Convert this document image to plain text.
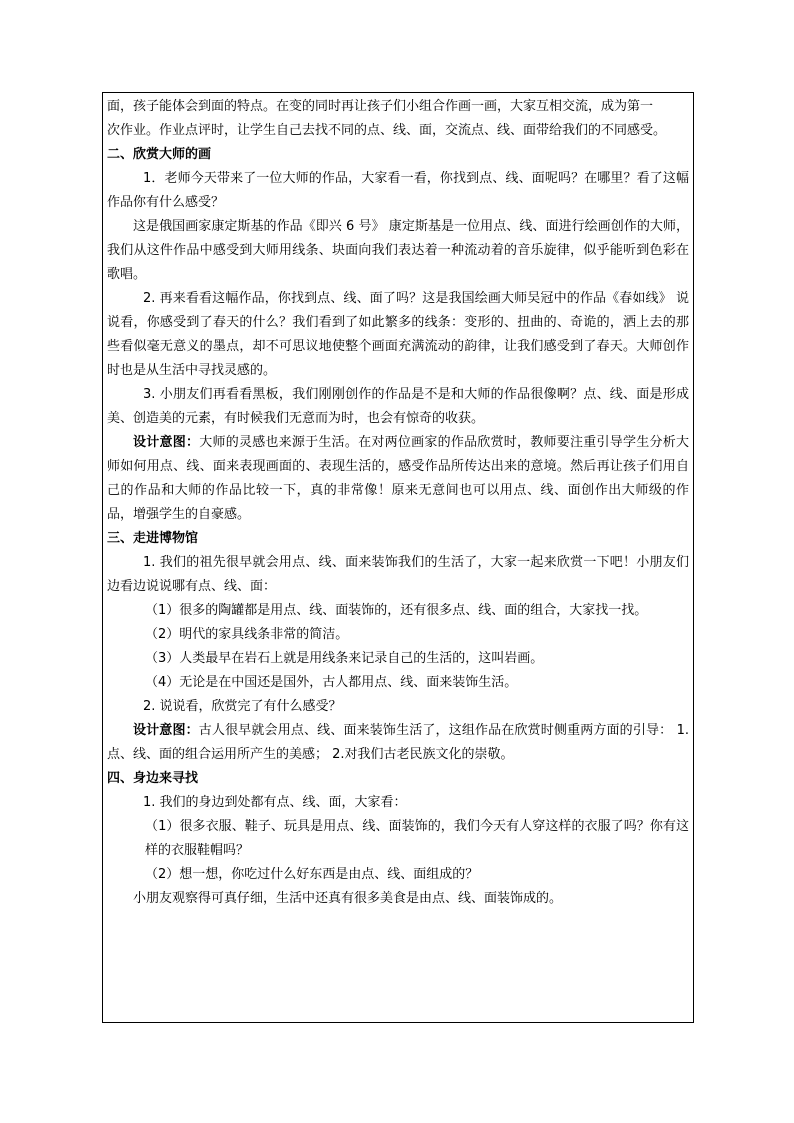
面，孩子能体会到面的特点。在变的同时再让孩子们小组合作画一画，大家互相交流，成为第一

次作业。作业点评时，让学生自己去找不同的点、线、面，交流点、线、面带给我们的不同感受。

二、欣赏大师的画

1．老师今天带来了一位大师的作品，大家看一看，你找到点、线、面呢吗？在哪里？看了这幅作品你有什么感受？

这是俄国画家康定斯基的作品《即兴 6 号》 康定斯基是一位用点、线、面进行绘画创作的大师，我们从这件作品中感受到大师用线条、块面向我们表达着一种流动着的音乐旋律，似乎能听到色彩在歌唱。

2. 再来看看这幅作品，你找到点、线、面了吗？这是我国绘画大师吴冠中的作品《春如线》 说说看，你感受到了春天的什么？我们看到了如此繁多的线条：变形的、扭曲的、奇诡的，洒上去的那些看似毫无意义的墨点，却不可思议地使整个画面充满流动的韵律，让我们感受到了春天。大师创作时也是从生活中寻找灵感的。

3. 小朋友们再看看黑板，我们刚刚创作的作品是不是和大师的作品很像啊？点、线、面是形成美、创造美的元素，有时候我们无意而为时，也会有惊奇的收获。

设计意图：大师的灵感也来源于生活。在对两位画家的作品欣赏时，教师要注重引导学生分析大师如何用点、线、面来表现画面的、表现生活的，感受作品所传达出来的意境。然后再让孩子们用自己的作品和大师的作品比较一下，真的非常像！原来无意间也可以用点、线、面创作出大师级的作品，增强学生的自豪感。

三、走进博物馆

1. 我们的祖先很早就会用点、线、面来装饰我们的生活了，大家一起来欣赏一下吧！小朋友们边看边说说哪有点、线、面：

（1）很多的陶罐都是用点、线、面装饰的，还有很多点、线、面的组合，大家找一找。

（2）明代的家具线条非常的简洁。

（3）人类最早在岩石上就是用线条来记录自己的生活的，这叫岩画。

（4）无论是在中国还是国外，古人都用点、线、面来装饰生活。

2. 说说看，欣赏完了有什么感受？

设计意图：古人很早就会用点、线、面来装饰生活了，这组作品在欣赏时侧重两方面的引导： 1.点、线、面的组合运用所产生的美感； 2.对我们古老民族文化的崇敬。

四、身边来寻找

1. 我们的身边到处都有点、线、面，大家看：

（1）很多衣服、鞋子、玩具是用点、线、面装饰的，我们今天有人穿这样的衣服了吗？你有这样的衣服鞋帽吗？

（2）想一想，你吃过什么好东西是由点、线、面组成的？

小朋友观察得可真仔细，生活中还真有很多美食是由点、线、面装饰成的。
